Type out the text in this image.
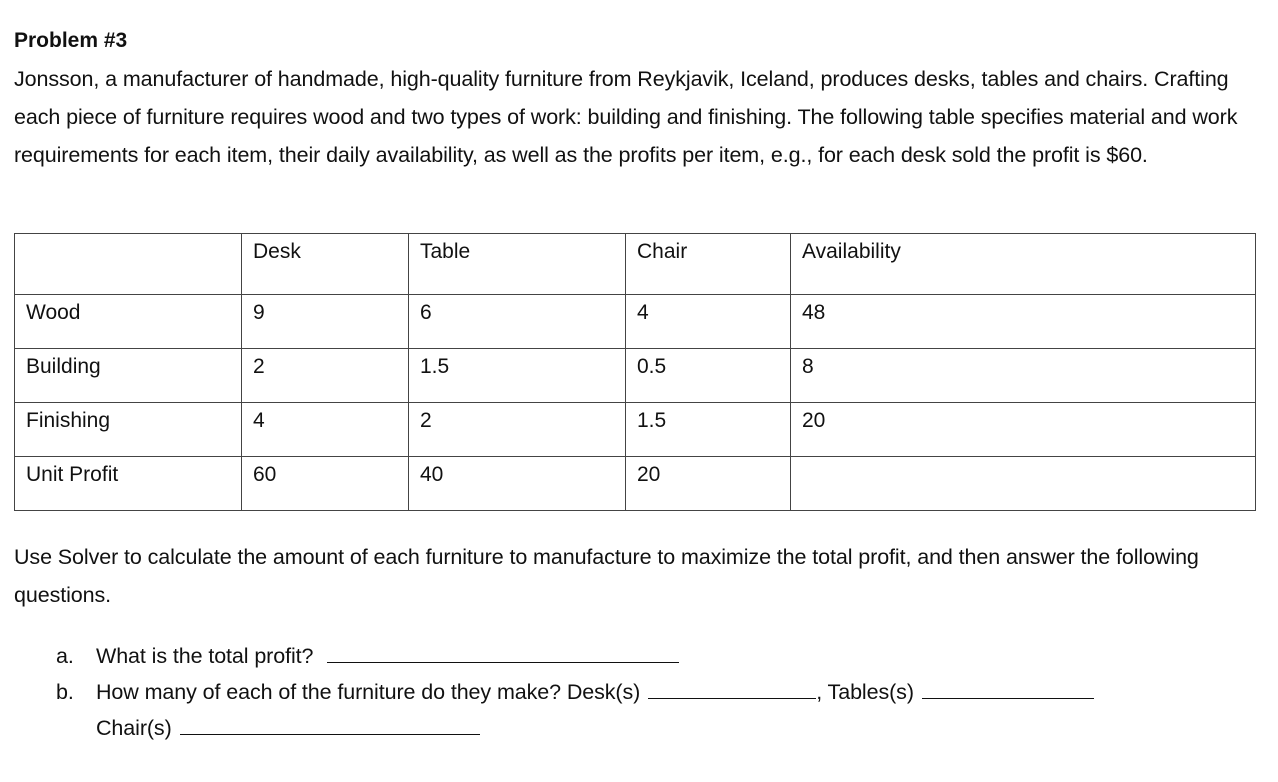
Problem #3

Jonsson, a manufacturer of handmade, high-quality furniture from Reykjavik, Iceland, produces desks, tables and chairs. Crafting each piece of furniture requires wood and two types of work: building and finishing. The following table specifies material and work requirements for each item, their daily availability, as well as the profits per item, e.g., for each desk sold the profit is $60.

	Desk	Table	Chair	Availability
Wood	9	6	4	48
Building	2	1.5	0.5	8
Finishing	4	2	1.5	20
Unit Profit	60	40	20	

Use Solver to calculate the amount of each furniture to manufacture to maximize the total profit, and then answer the following questions.

a.	What is the total profit?
b.	How many of each of the furniture do they make? Desk(s)	, Tables(s)
Chair(s)
